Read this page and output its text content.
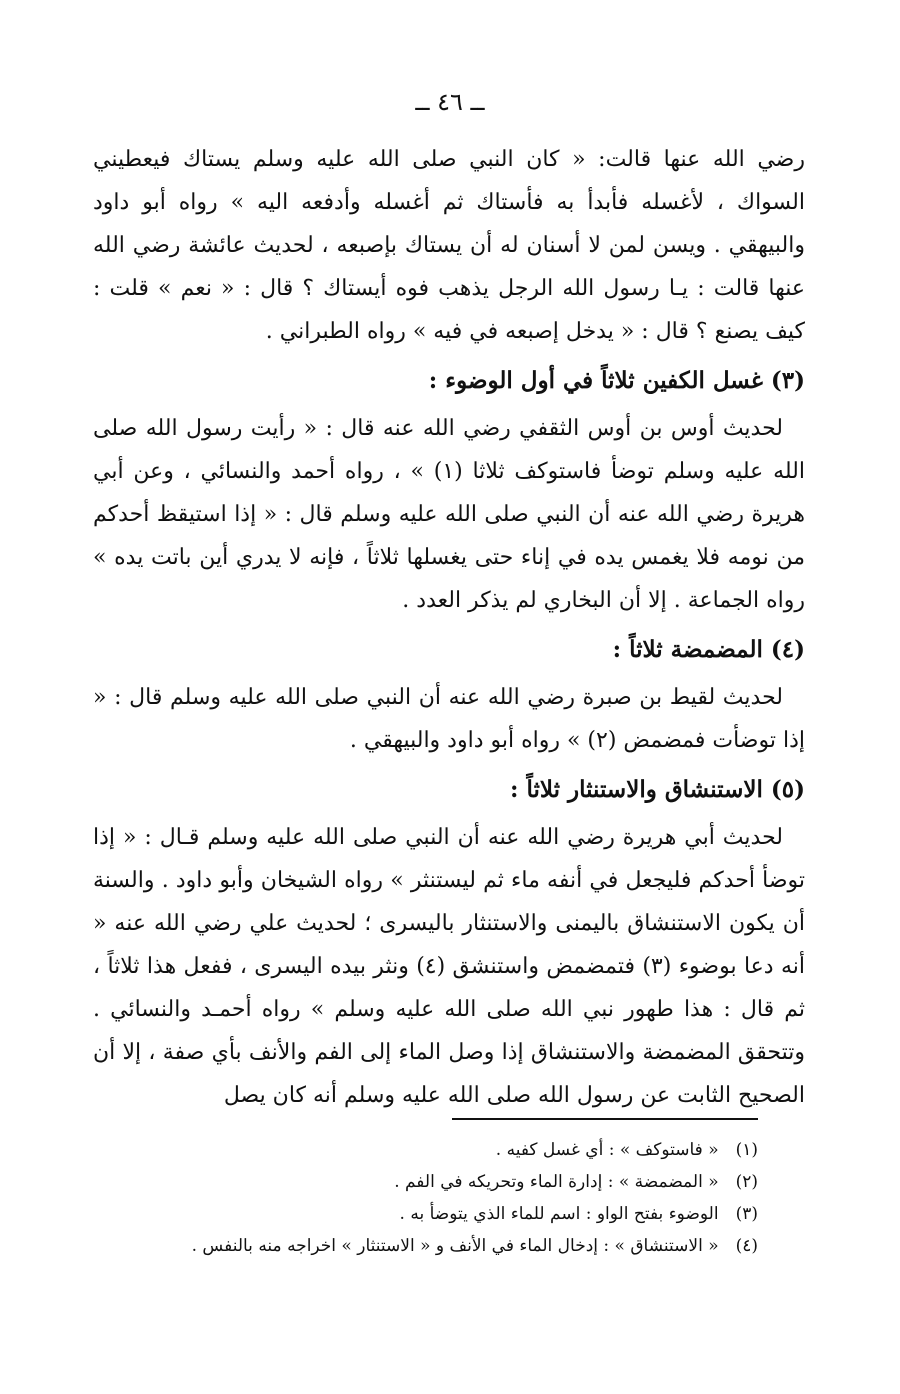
ــ ٤٦ ــ

رضي الله عنها قالت: « كان النبي صلى الله عليه وسلم يستاك فيعطيني السواك ، لأغسله فأبدأ به فأستاك ثم أغسله وأدفعه اليه » رواه أبو داود والبيهقي . ويسن لمن لا أسنان له أن يستاك بإصبعه ، لحديث عائشة رضي الله عنها قالت : يـا رسول الله الرجل يذهب فوه أيستاك ؟ قال : « نعم » قلت : كيف يصنع ؟ قال : « يدخل إصبعه في فيه » رواه الطبراني .

(٣) غسل الكفين ثلاثاً في أول الوضوء :

لحديث أوس بن أوس الثقفي رضي الله عنه قال : « رأيت رسول الله صلى الله عليه وسلم توضأ فاستوكف ثلاثا (١) » ، رواه أحمد والنسائي ، وعن أبي هريرة رضي الله عنه أن النبي صلى الله عليه وسلم قال : « إذا استيقظ أحدكم من نومه فلا يغمس يده في إناء حتى يغسلها ثلاثاً ، فإنه لا يدري أين باتت يده » رواه الجماعة . إلا أن البخاري لم يذكر العدد .

(٤) المضمضة ثلاثاً :

لحديث لقيط بن صبرة رضي الله عنه أن النبي صلى الله عليه وسلم قال : « إذا توضأت فمضمض (٢) » رواه أبو داود والبيهقي .

(٥) الاستنشاق والاستنثار ثلاثاً :

لحديث أبي هريرة رضي الله عنه أن النبي صلى الله عليه وسلم قـال : « إذا توضأ أحدكم فليجعل في أنفه ماء ثم ليستنثر » رواه الشيخان وأبو داود . والسنة أن يكون الاستنشاق باليمنى والاستنثار باليسرى ؛ لحديث علي رضي الله عنه « أنه دعا بوضوء (٣) فتمضمض واستنشق (٤) ونثر بيده اليسرى ، ففعل هذا ثلاثاً ، ثم قال : هذا طهور نبي الله صلى الله عليه وسلم » رواه أحمـد والنسائي . وتتحقق المضمضة والاستنشاق إذا وصل الماء إلى الفم والأنف بأي صفة ، إلا أن الصحيح الثابت عن رسول الله صلى الله عليه وسلم أنه كان يصل

(١) « فاستوكف » : أي غسل كفيه .
(٢) « المضمضة » : إدارة الماء وتحريكه في الفم .
(٣) الوضوء بفتح الواو : اسم للماء الذي يتوضأ به .
(٤) « الاستنشاق » : إدخال الماء في الأنف و « الاستنثار » اخراجه منه بالنفس .
